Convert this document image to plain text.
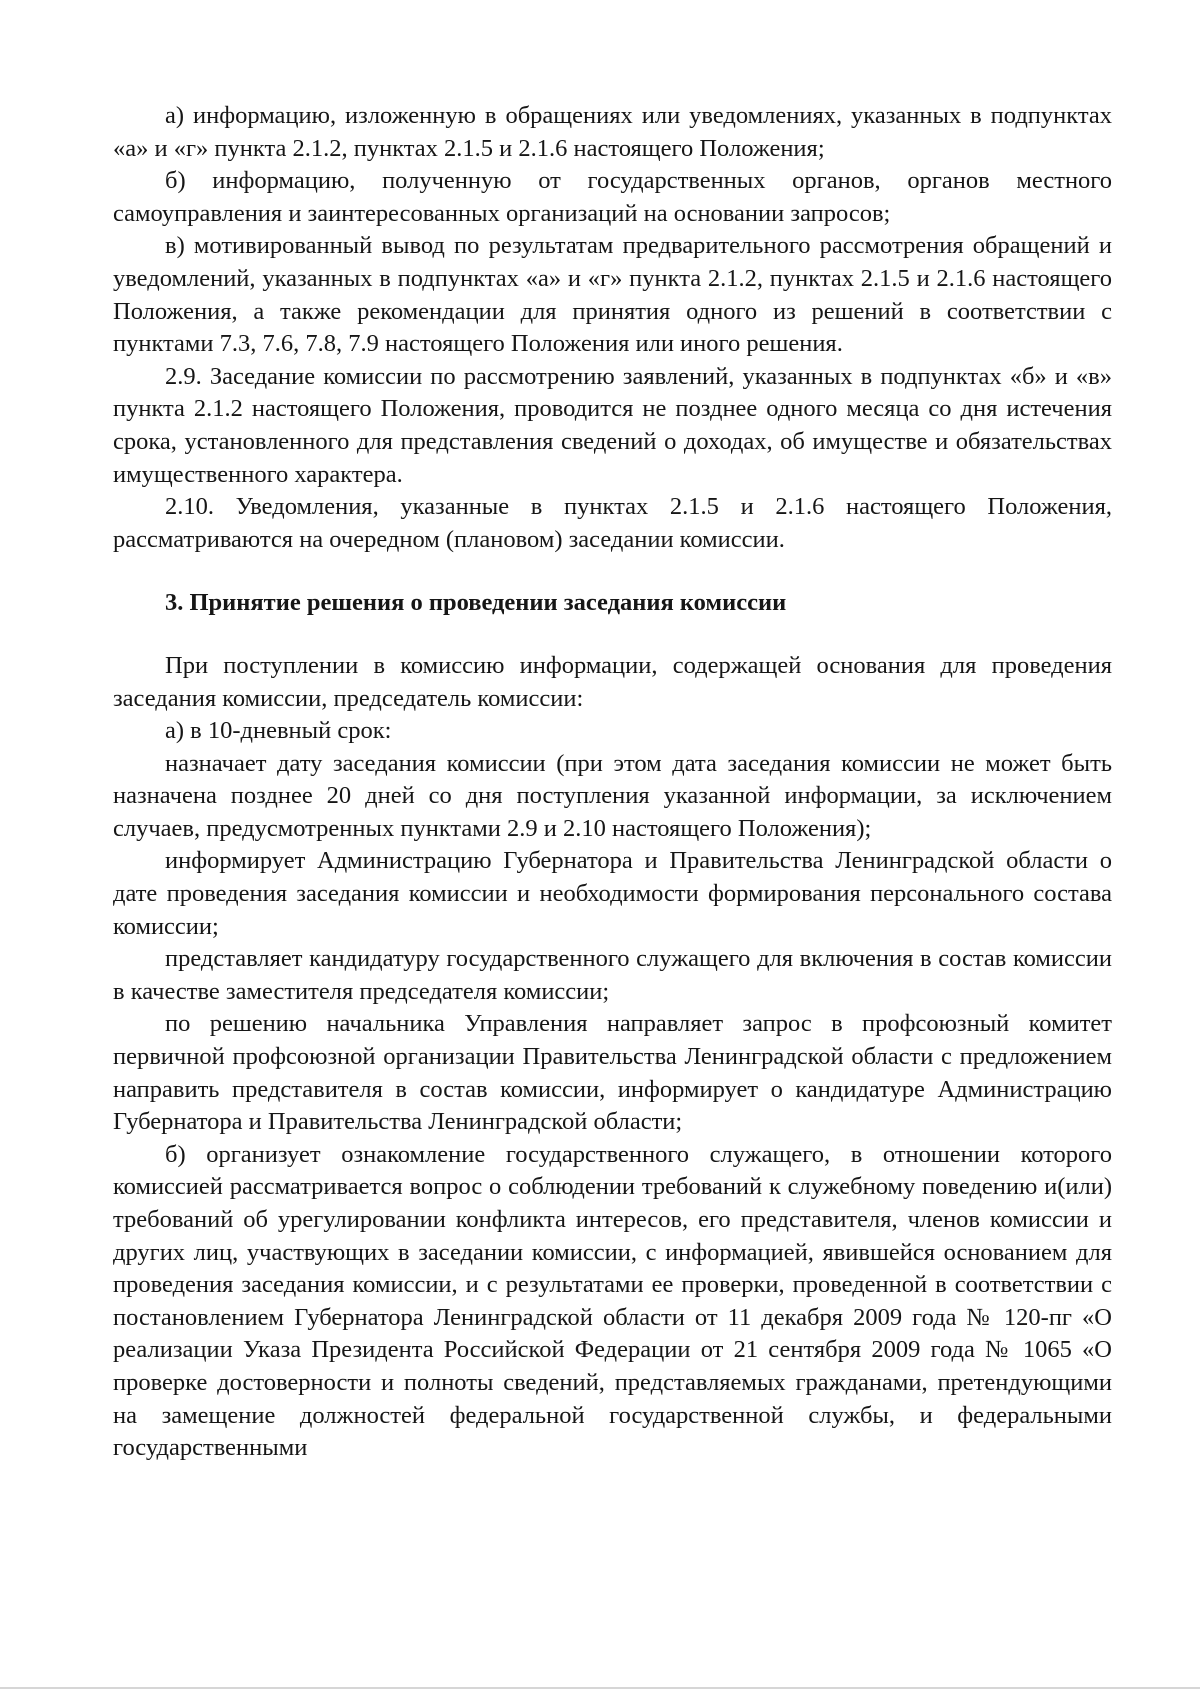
а) информацию, изложенную в обращениях или уведомлениях, указанных в подпунктах «а» и «г» пункта 2.1.2, пунктах 2.1.5 и 2.1.6 настоящего Положения;

б) информацию, полученную от государственных органов, органов местного самоуправления и заинтересованных организаций на основании запросов;

в) мотивированный вывод по результатам предварительного рассмотрения обращений и уведомлений, указанных в подпунктах «а» и «г» пункта 2.1.2, пунктах 2.1.5 и 2.1.6 настоящего Положения, а также рекомендации для принятия одного из решений в соответствии с пунктами 7.3, 7.6, 7.8, 7.9 настоящего Положения или иного решения.

2.9. Заседание комиссии по рассмотрению заявлений, указанных в подпунктах «б» и «в» пункта 2.1.2 настоящего Положения, проводится не позднее одного месяца со дня истечения срока, установленного для представления сведений о доходах, об имуществе и обязательствах имущественного характера.

2.10. Уведомления, указанные в пунктах 2.1.5 и 2.1.6 настоящего Положения, рассматриваются на очередном (плановом) заседании комиссии.

3. Принятие решения о проведении заседания комиссии

При поступлении в комиссию информации, содержащей основания для проведения заседания комиссии, председатель комиссии:

а) в 10-дневный срок:

назначает дату заседания комиссии (при этом дата заседания комиссии не может быть назначена позднее 20 дней со дня поступления указанной информации, за исключением случаев, предусмотренных пунктами 2.9 и 2.10 настоящего Положения);

информирует Администрацию Губернатора и Правительства Ленинградской области о дате проведения заседания комиссии и необходимости формирования персонального состава комиссии;

представляет кандидатуру государственного служащего для включения в состав комиссии в качестве заместителя председателя комиссии;

по решению начальника Управления направляет запрос в профсоюзный комитет первичной профсоюзной организации Правительства Ленинградской области с предложением направить представителя в состав комиссии, информирует о кандидатуре Администрацию Губернатора и Правительства Ленинградской области;

б) организует ознакомление государственного служащего, в отношении которого комиссией рассматривается вопрос о соблюдении требований к служебному поведению и(или) требований об урегулировании конфликта интересов, его представителя, членов комиссии и других лиц, участвующих в заседании комиссии, с информацией, явившейся основанием для проведения заседания комиссии, и с результатами ее проверки, проведенной в соответствии с постановлением Губернатора Ленинградской области от 11 декабря 2009 года № 120-пг «О реализации Указа Президента Российской Федерации от 21 сентября 2009 года № 1065 «О проверке достоверности и полноты сведений, представляемых гражданами, претендующими на замещение должностей федеральной государственной службы, и федеральными государственными
